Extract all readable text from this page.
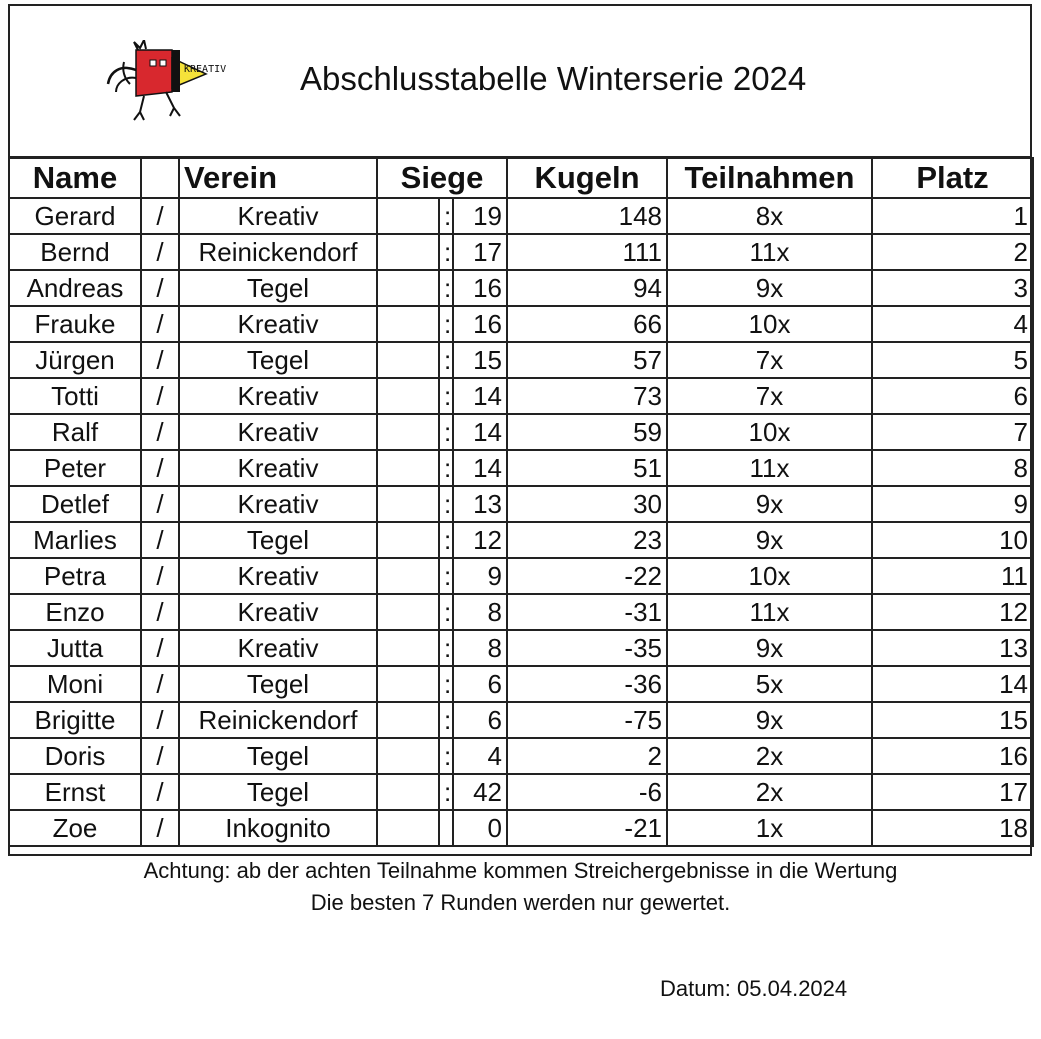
KREATIV Abschlusstabelle Winterserie 2024
Name		Verein	Siege			Kugeln	Teilnahmen	Platz
Gerard	/	Kreativ		:	19	148	8x	1
Bernd	/	Reinickendorf		:	17	111	11x	2
Andreas	/	Tegel		:	16	94	9x	3
Frauke	/	Kreativ		:	16	66	10x	4
Jürgen	/	Tegel		:	15	57	7x	5
Totti	/	Kreativ		:	14	73	7x	6
Ralf	/	Kreativ		:	14	59	10x	7
Peter	/	Kreativ		:	14	51	11x	8
Detlef	/	Kreativ		:	13	30	9x	9
Marlies	/	Tegel		:	12	23	9x	10
Petra	/	Kreativ		:	9	-22	10x	11
Enzo	/	Kreativ		:	8	-31	11x	12
Jutta	/	Kreativ		:	8	-35	9x	13
Moni	/	Tegel		:	6	-36	5x	14
Brigitte	/	Reinickendorf		:	6	-75	9x	15
Doris	/	Tegel		:	4	2	2x	16
Ernst	/	Tegel		:	42	-6	2x	17
Zoe	/	Inkognito			0	-21	1x	18
Achtung: ab der achten Teilnahme kommen Streichergebnisse in die Wertung
Die besten 7 Runden werden nur gewertet.
Datum: 05.04.2024
